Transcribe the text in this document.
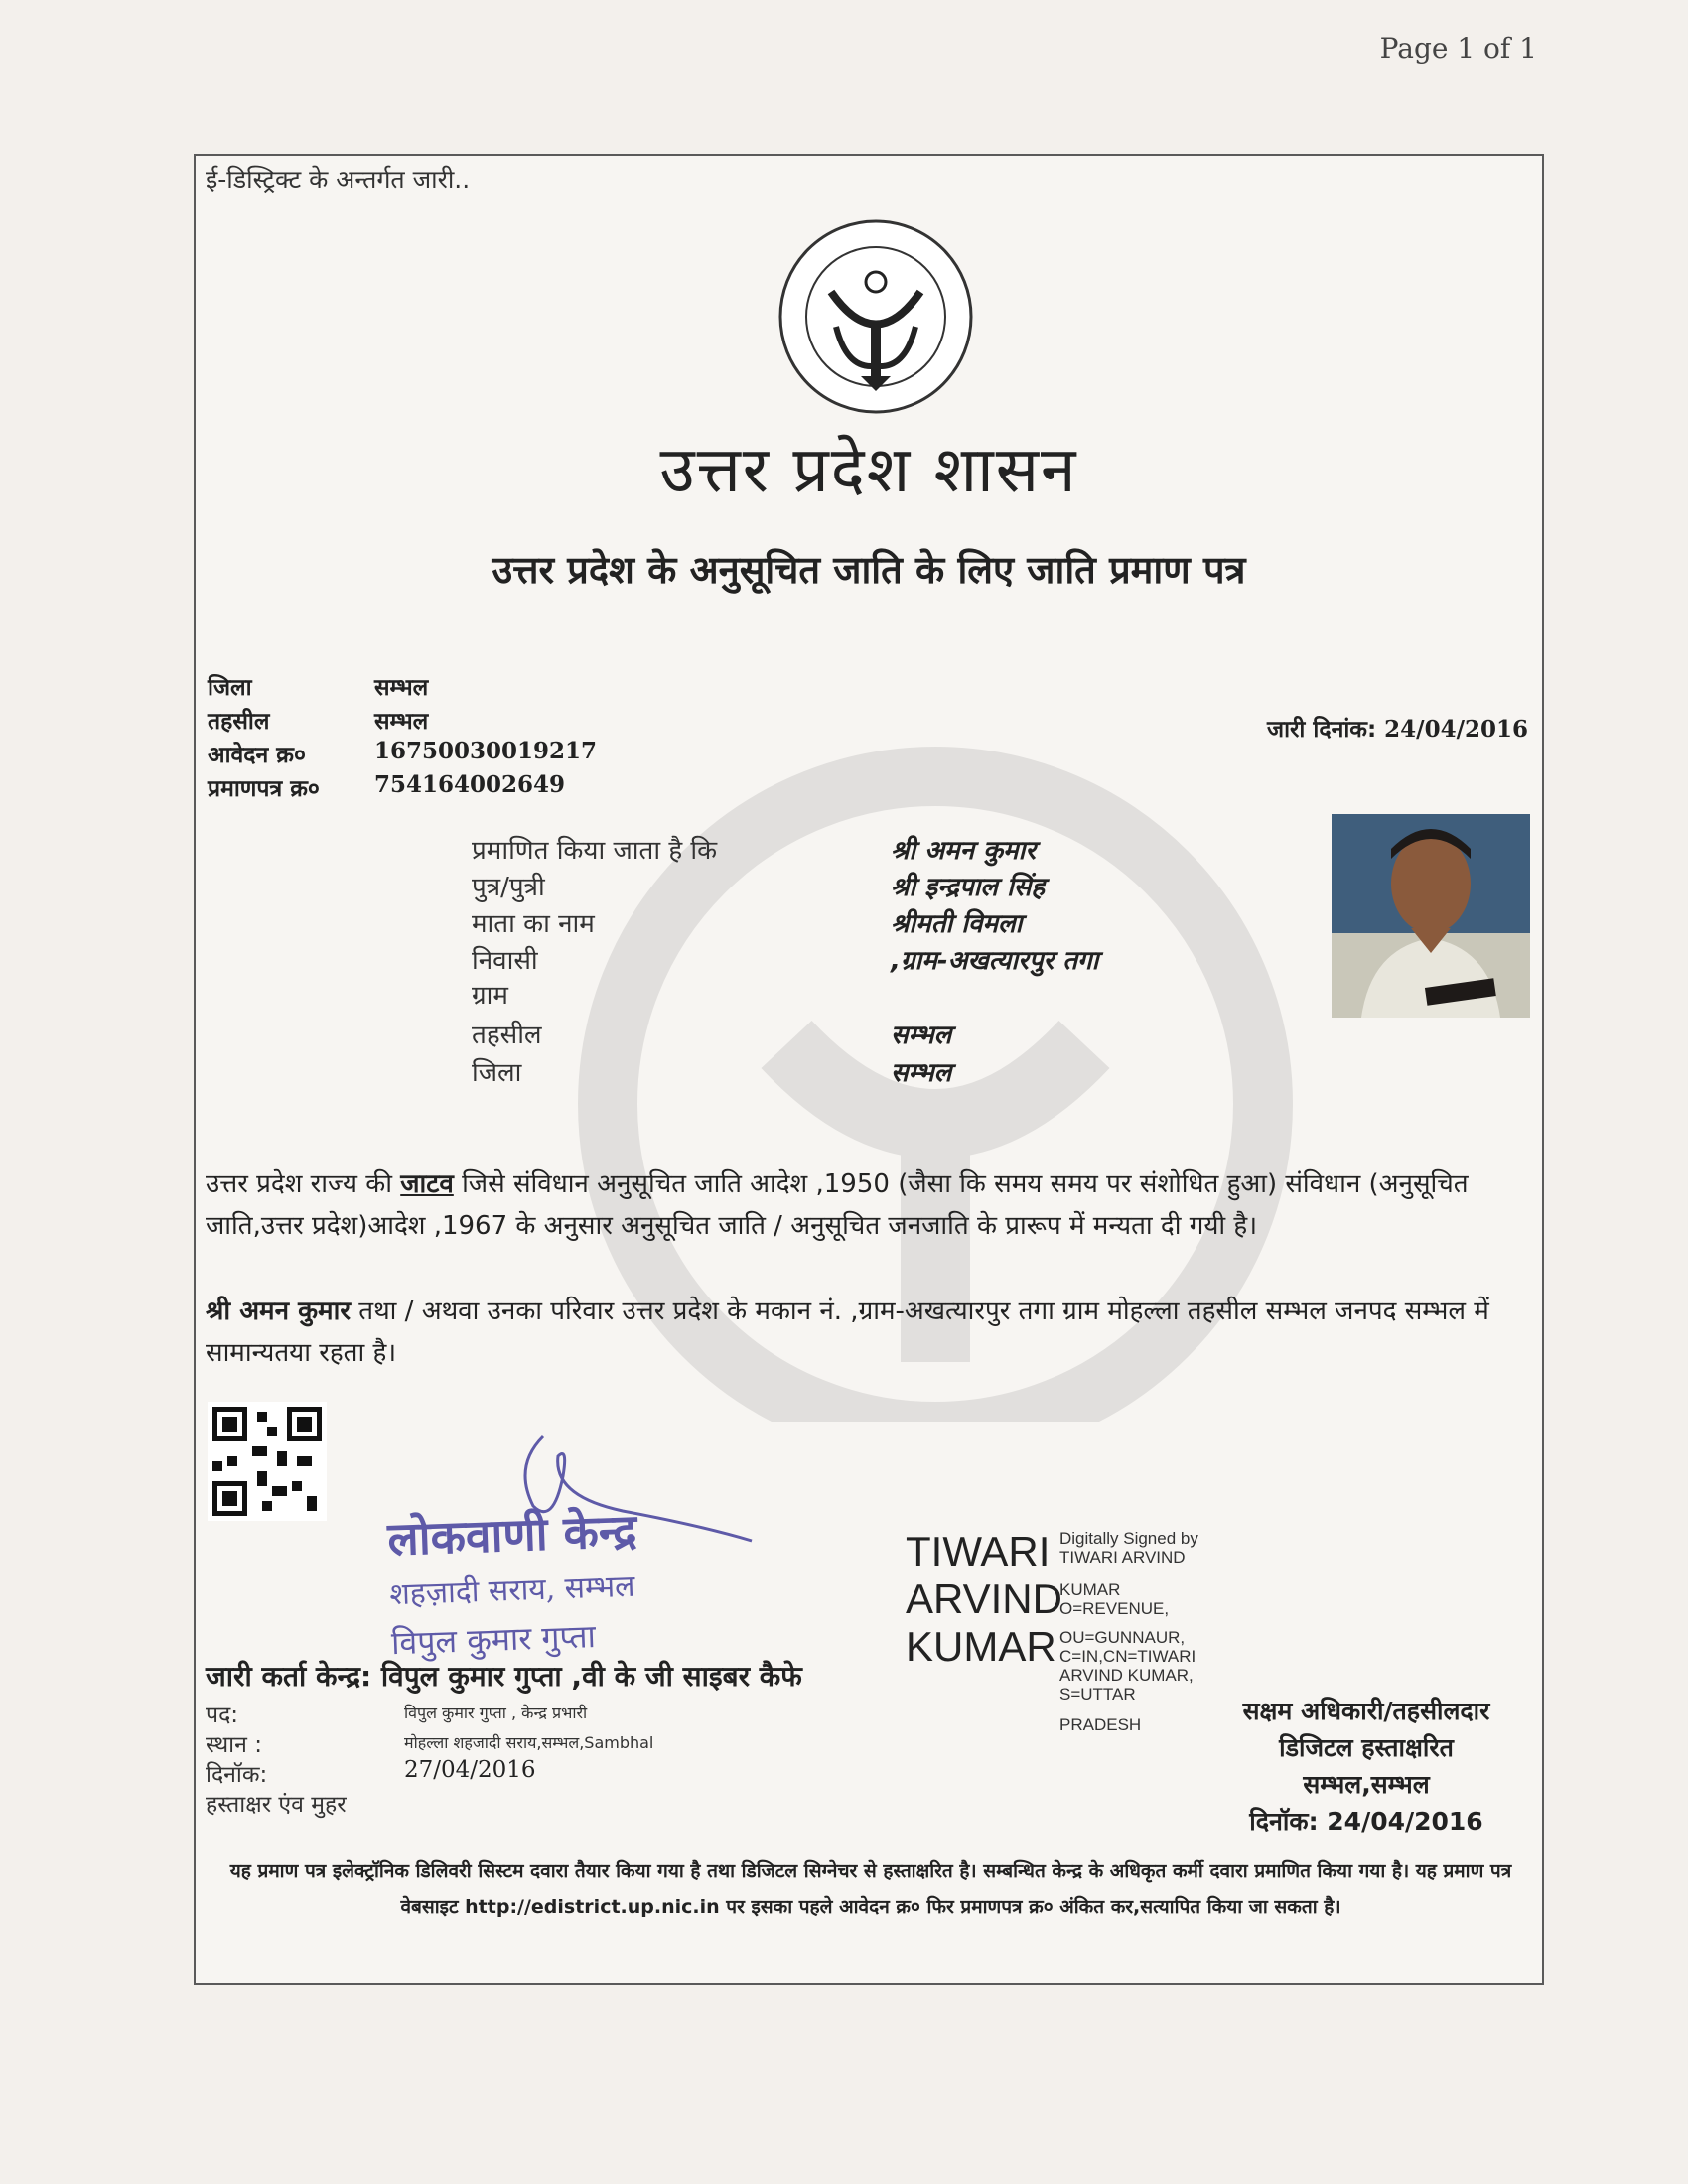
Page 1 of 1
ई-डिस्ट्रिक्ट के अन्तर्गत जारी..
उत्तर प्रदेश शासन
उत्तर प्रदेश के अनुसूचित जाति के लिए जाति प्रमाण पत्र
जिला	सम्भल
तहसील	सम्भल
आवेदन क्र०	16750030019217
प्रमाणपत्र क्र०	754164002649
जारी दिनांक: 24/04/2016
प्रमाणित किया जाता है कि	श्री अमन कुमार
पुत्र/पुत्री	श्री इन्द्रपाल सिंह
माता का नाम	श्रीमती विमला
निवासी	,ग्राम-अखत्यारपुर तगा
ग्राम
तहसील	सम्भल
जिला	सम्भल
उत्तर प्रदेश राज्य की जाटव जिसे संविधान अनुसूचित जाति आदेश ,1950 (जैसा कि समय समय पर संशोधित हुआ) संविधान (अनुसूचित जाति,उत्तर प्रदेश)आदेश ,1967 के अनुसार अनुसूचित जाति / अनुसूचित जनजाति के प्रारूप में मन्यता दी गयी है।
श्री अमन कुमार तथा / अथवा उनका परिवार उत्तर प्रदेश के मकान नं. ,ग्राम-अखत्यारपुर तगा ग्राम मोहल्ला तहसील सम्भल जनपद सम्भल में सामान्यतया रहता है।
लोकवाणी केन्द्र
शहज़ादी सराय, सम्भल
विपुल कुमार गुप्ता
जारी कर्ता केन्द्र: विपुल कुमार गुप्ता ,वी के जी साइबर कैफे
पद:	विपुल कुमार गुप्ता , केन्द्र प्रभारी
स्थान :	मोहल्ला शहजादी सराय,सम्भल,Sambhal
दिनॉक:	27/04/2016
हस्ताक्षर एंव मुहर
TIWARI
ARVIND
KUMAR
Digitally Signed by
TIWARI ARVIND
KUMAR
O=REVENUE,
OU=GUNNAUR,
C=IN,CN=TIWARI
ARVIND KUMAR,
S=UTTAR
PRADESH	सक्षम अधिकारी/तहसीलदार
डिजिटल हस्ताक्षरित
सम्भल,सम्भल
दिनॉक: 24/04/2016
यह प्रमाण पत्र इलेक्ट्रॉनिक डिलिवरी सिस्टम दवारा तैयार किया गया है तथा डिजिटल सिग्नेचर से हस्ताक्षरित है। सम्बन्धित केन्द्र के अधिकृत कर्मी दवारा प्रमाणित किया गया है। यह प्रमाण पत्र वेबसाइट http://edistrict.up.nic.in पर इसका पहले आवेदन क्र० फिर प्रमाणपत्र क्र० अंकित कर,सत्यापित किया जा सकता है।
